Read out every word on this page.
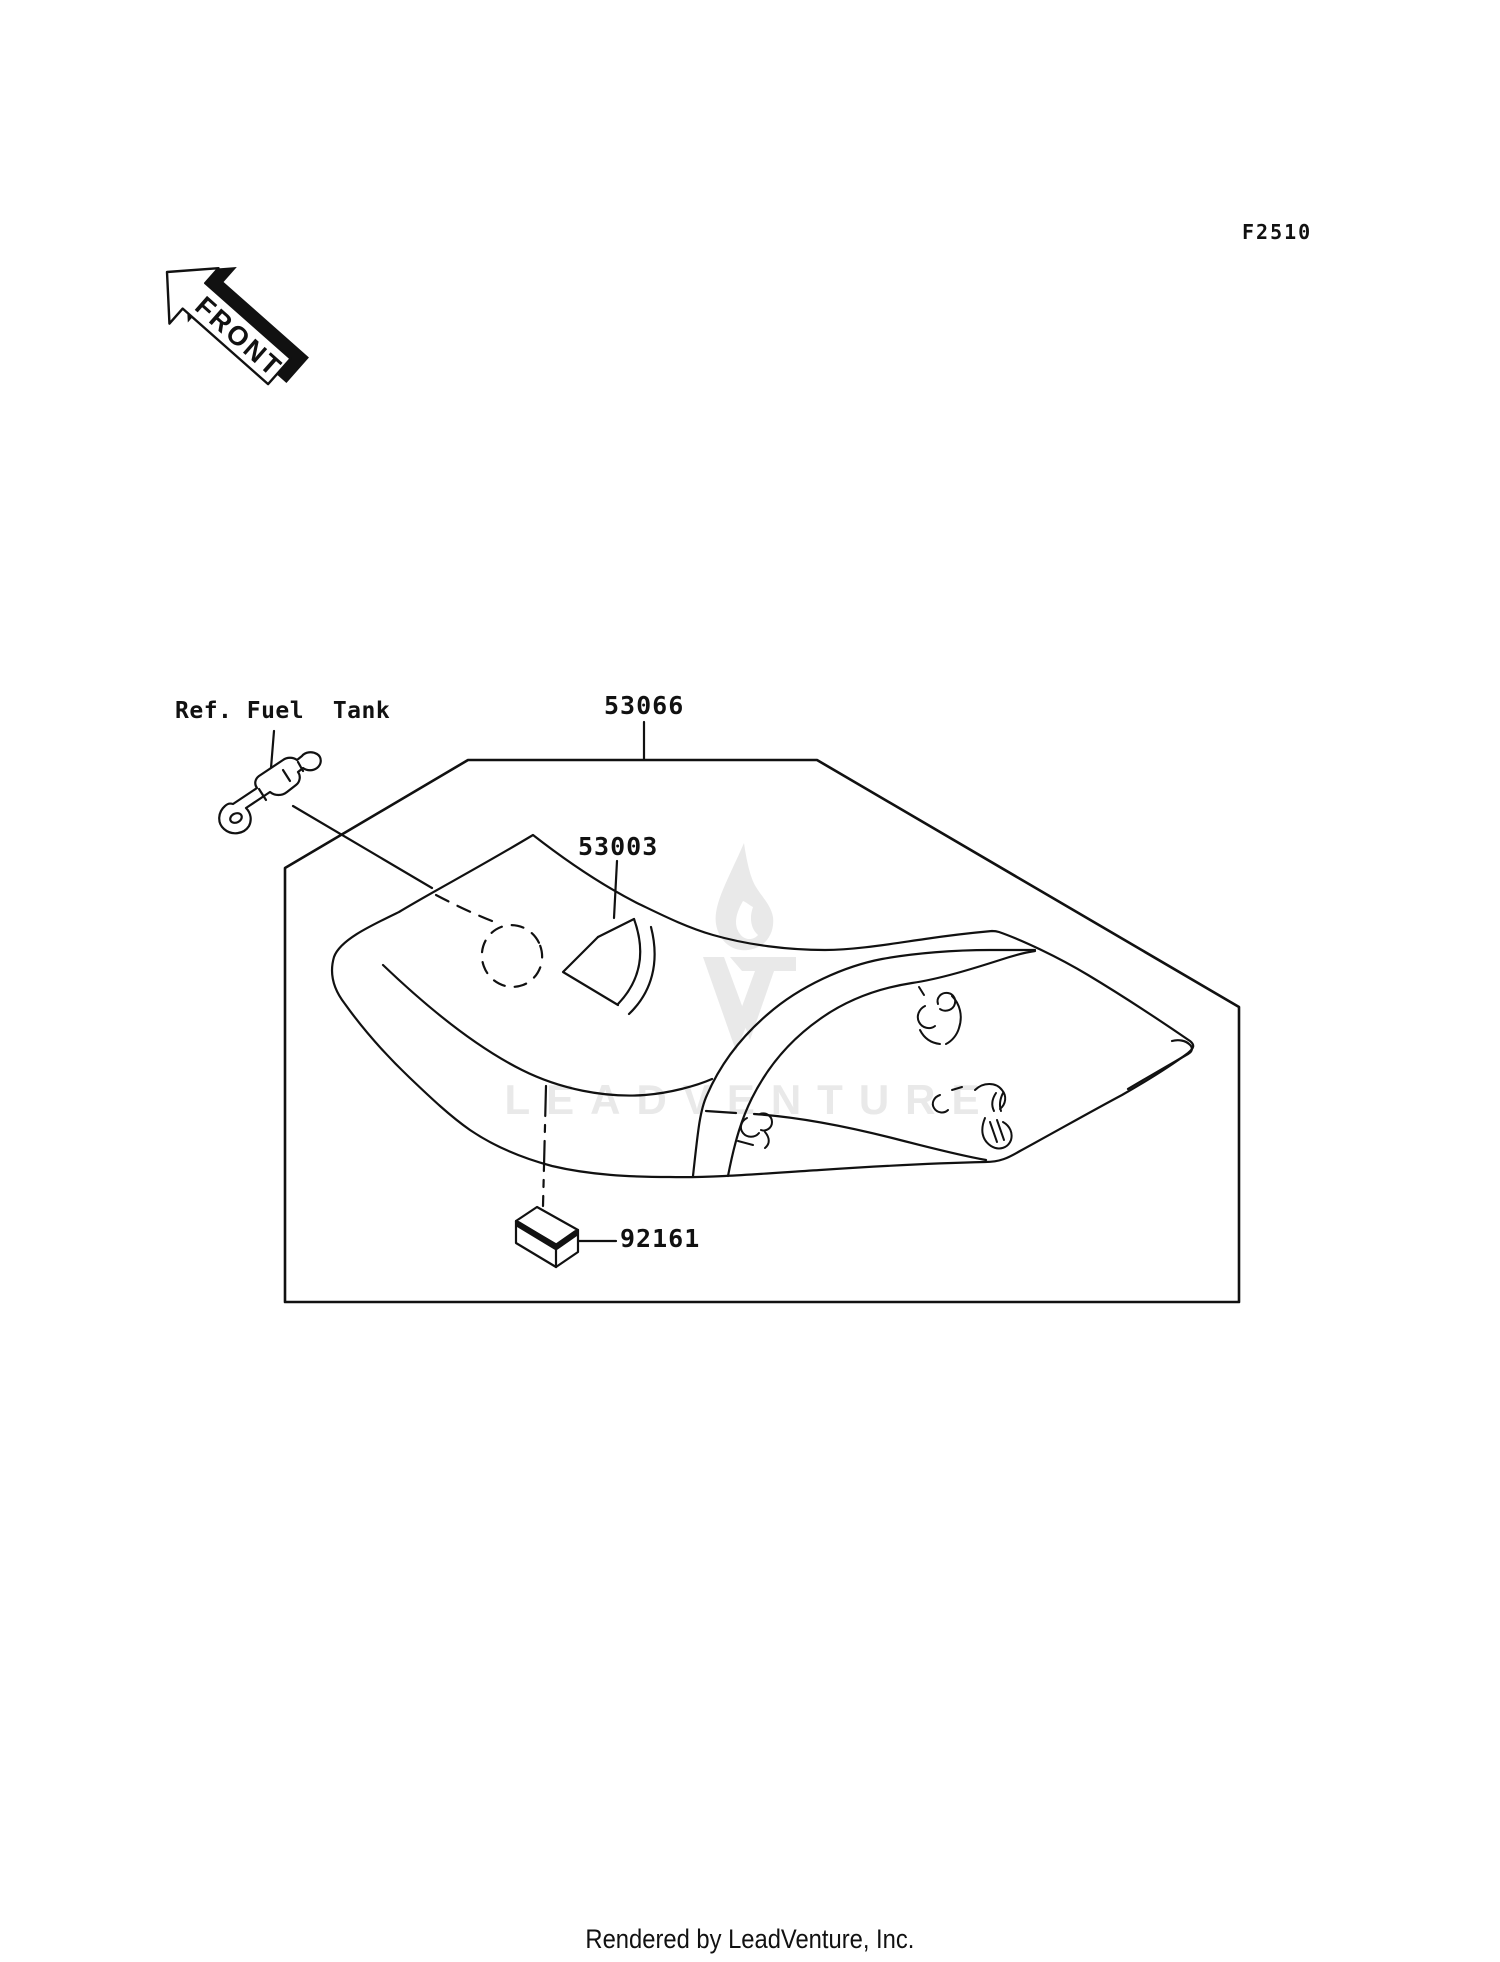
LEADVENTURE
FRONT
F2510
Ref. Fuel  Tank	53066
53003
92161
Rendered by LeadVenture, Inc.
